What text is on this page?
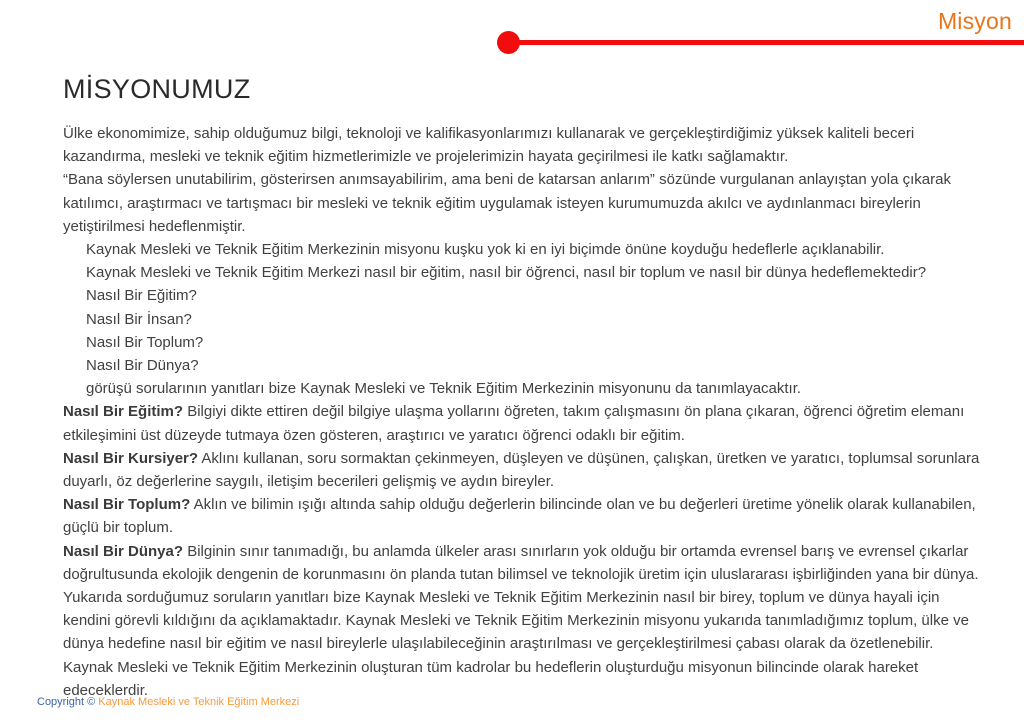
Misyon
MİSYONUMUZ

Ülke ekonomimize, sahip olduğumuz bilgi, teknoloji ve kalifikasyonlarımızı kullanarak ve gerçekleştirdiğimiz yüksek kaliteli beceri kazandırma, mesleki ve teknik eğitim hizmetlerimizle ve projelerimizin hayata geçirilmesi ile katkı sağlamaktır.

“Bana söylersen unutabilirim, gösterirsen anımsayabilirim, ama beni de katarsan anlarım” sözünde vurgulanan anlayıştan yola çıkarak katılımcı, araştırmacı ve tartışmacı bir mesleki ve teknik eğitim uygulamak isteyen kurumumuzda akılcı ve aydınlanmacı bireylerin yetiştirilmesi hedeflenmiştir.

Kaynak Mesleki ve Teknik Eğitim Merkezinin misyonu kuşku yok ki en iyi biçimde önüne koyduğu hedeflerle açıklanabilir.

Kaynak Mesleki ve Teknik Eğitim Merkezi nasıl bir eğitim, nasıl bir öğrenci, nasıl bir toplum ve nasıl bir dünya hedeflemektedir?

Nasıl Bir Eğitim?

Nasıl Bir İnsan?

Nasıl Bir Toplum?

Nasıl Bir Dünya?

görüşü sorularının yanıtları bize Kaynak Mesleki ve Teknik Eğitim Merkezinin misyonunu da tanımlayacaktır.

Nasıl Bir Eğitim? Bilgiyi dikte ettiren değil bilgiye ulaşma yollarını öğreten, takım çalışmasını ön plana çıkaran, öğrenci öğretim elemanı etkileşimini üst düzeyde tutmaya özen gösteren, araştırıcı ve yaratıcı öğrenci odaklı bir eğitim.

Nasıl Bir Kursiyer? Aklını kullanan, soru sormaktan çekinmeyen, düşleyen ve düşünen, çalışkan, üretken ve yaratıcı, toplumsal sorunlara duyarlı, öz değerlerine saygılı, iletişim becerileri gelişmiş ve aydın bireyler.

Nasıl Bir Toplum? Aklın ve bilimin ışığı altında sahip olduğu değerlerin bilincinde olan ve bu değerleri üretime yönelik olarak kullanabilen, güçlü bir toplum.

Nasıl Bir Dünya? Bilginin sınır tanımadığı, bu anlamda ülkeler arası sınırların yok olduğu bir ortamda evrensel barış ve evrensel çıkarlar doğrultusunda ekolojik dengenin de korunmasını ön planda tutan bilimsel ve teknolojik üretim için uluslararası işbirliğinden yana bir dünya.

Yukarıda sorduğumuz soruların yanıtları bize Kaynak Mesleki ve Teknik Eğitim Merkezinin nasıl bir birey, toplum ve dünya hayali için kendini görevli kıldığını da açıklamaktadır. Kaynak Mesleki ve Teknik Eğitim Merkezinin misyonu yukarıda tanımladığımız toplum, ülke ve dünya hedefine nasıl bir eğitim ve nasıl bireylerle ulaşılabileceğinin araştırılması ve gerçekleştirilmesi çabası olarak da özetlenebilir. Kaynak Mesleki ve Teknik Eğitim Merkezinin oluşturan tüm kadrolar bu hedeflerin oluşturduğu misyonun bilincinde olarak hareket edeceklerdir.

Copyright © Kaynak Mesleki ve Teknik Eğitim Merkezi
